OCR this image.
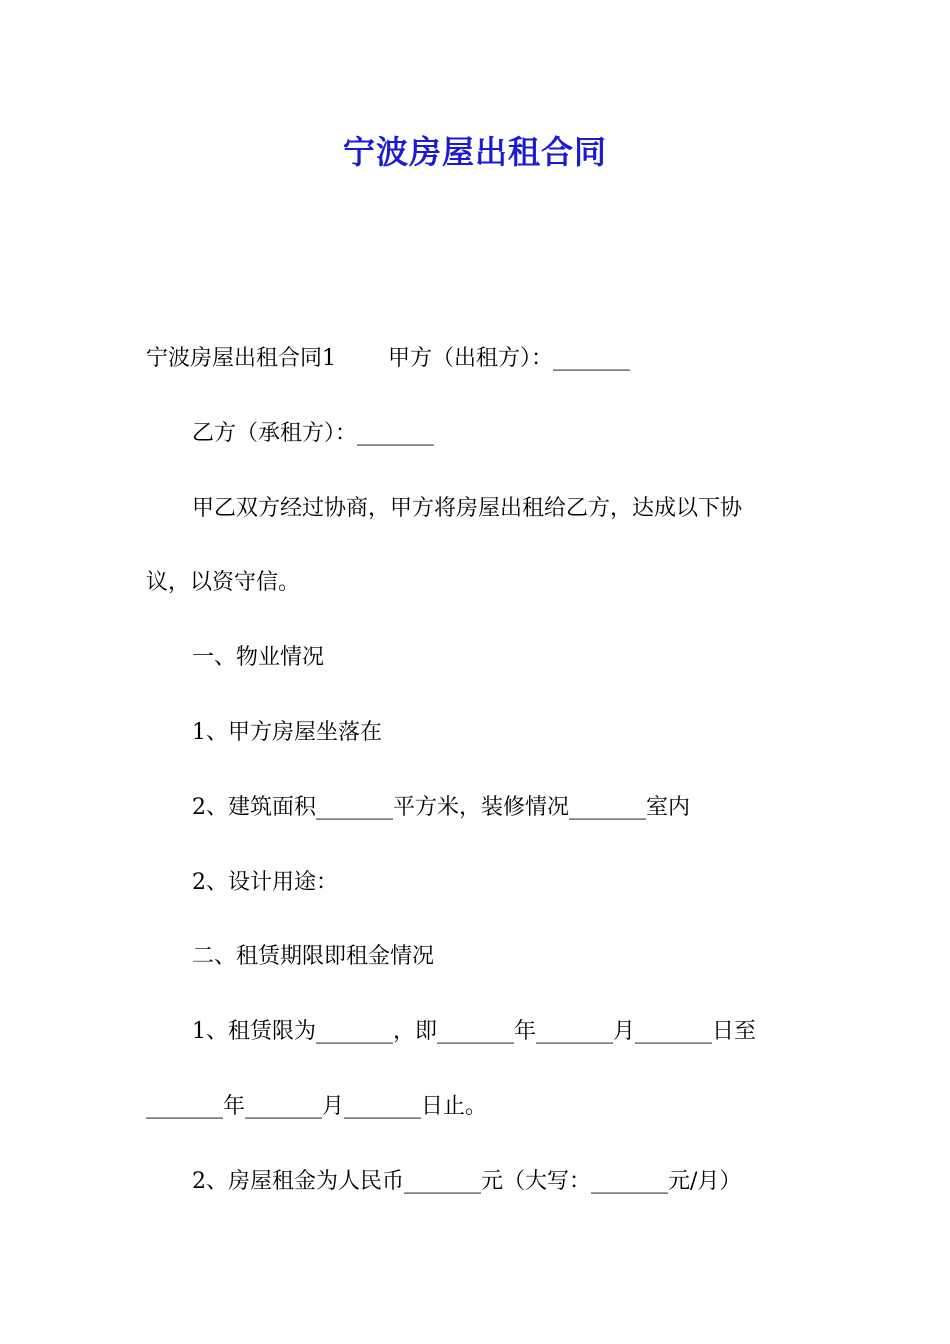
宁波房屋出租合同
宁波房屋出租合同1 甲方（出租方）：_______
乙方（承租方）：_______
甲乙双方经过协商，甲方将房屋出租给乙方，达成以下协
议，以资守信。
一、物业情况
1、甲方房屋坐落在
2、建筑面积_______平方米，装修情况_______室内
2、设计用途：
二、租赁期限即租金情况
1、租赁限为_______，即_______年_______月_______日至
_______年_______月_______日止。
2、房屋租金为人民币_______元（大写：_______元/月）
